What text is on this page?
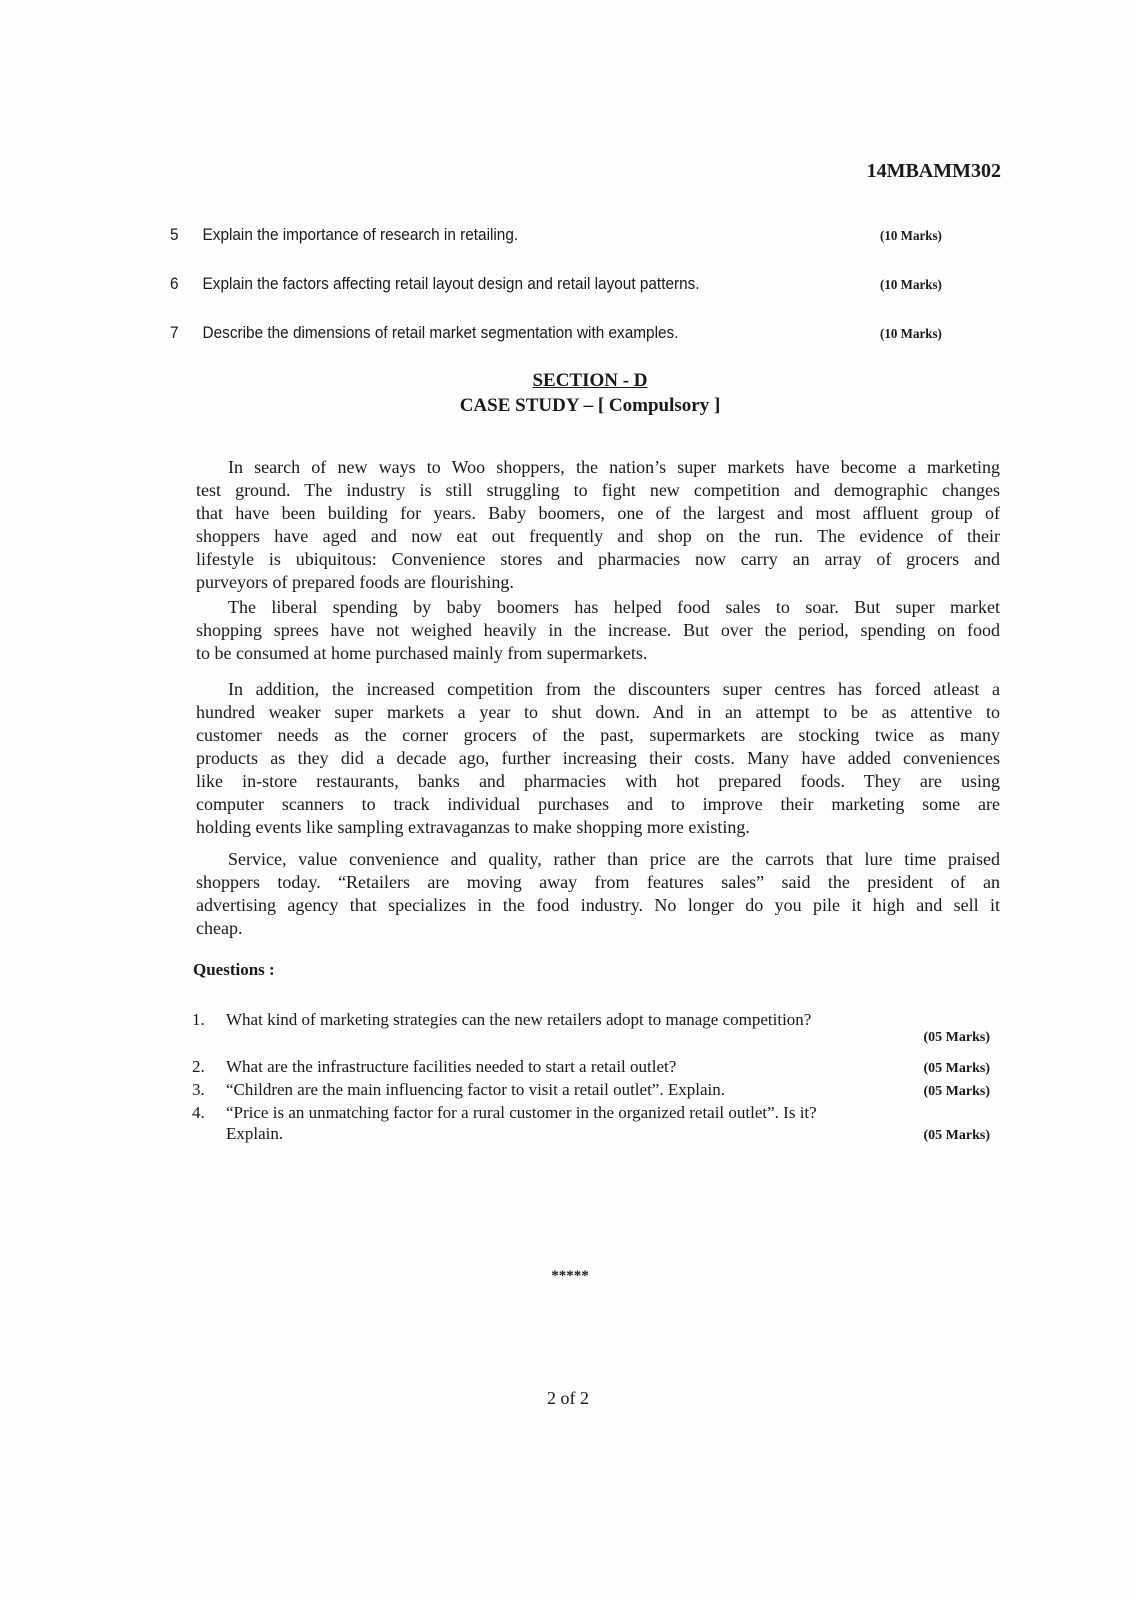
14MBAMM302
5	Explain the importance of research in retailing.	(10 Marks)
6	Explain the factors affecting retail layout design and retail layout patterns.	(10 Marks)
7	Describe the dimensions of retail market segmentation with examples.	(10 Marks)
SECTION - D
CASE STUDY – [ Compulsory ]
In search of new ways to Woo shoppers, the nation’s super markets have become a marketing
test ground. The industry is still struggling to fight new competition and demographic changes
that have been building for years. Baby boomers, one of the largest and most affluent group of
shoppers have aged and now eat out frequently and shop on the run. The evidence of their
lifestyle is ubiquitous: Convenience stores and pharmacies now carry an array of grocers and
purveyors of prepared foods are flourishing.
The liberal spending by baby boomers has helped food sales to soar. But super market
shopping sprees have not weighed heavily in the increase. But over the period, spending on food
to be consumed at home purchased mainly from supermarkets.
In addition, the increased competition from the discounters super centres has forced atleast a
hundred weaker super markets a year to shut down. And in an attempt to be as attentive to
customer needs as the corner grocers of the past, supermarkets are stocking twice as many
products as they did a decade ago, further increasing their costs. Many have added conveniences
like in-store restaurants, banks and pharmacies with hot prepared foods. They are using
computer scanners to track individual purchases and to improve their marketing some are
holding events like sampling extravaganzas to make shopping more existing.
Service, value convenience and quality, rather than price are the carrots that lure time praised
shoppers today. “Retailers are moving away from features sales” said the president of an
advertising agency that specializes in the food industry. No longer do you pile it high and sell it
cheap.
Questions :
1.	What kind of marketing strategies can the new retailers adopt to manage competition?
(05 Marks)
2.	What are the infrastructure facilities needed to start a retail outlet?	(05 Marks)
3.	“Children are the main influencing factor to visit a retail outlet”. Explain.	(05 Marks)
4.	“Price is an unmatching factor for a rural customer in the organized retail outlet”. Is it?
Explain.	(05 Marks)
*****
2 of 2
